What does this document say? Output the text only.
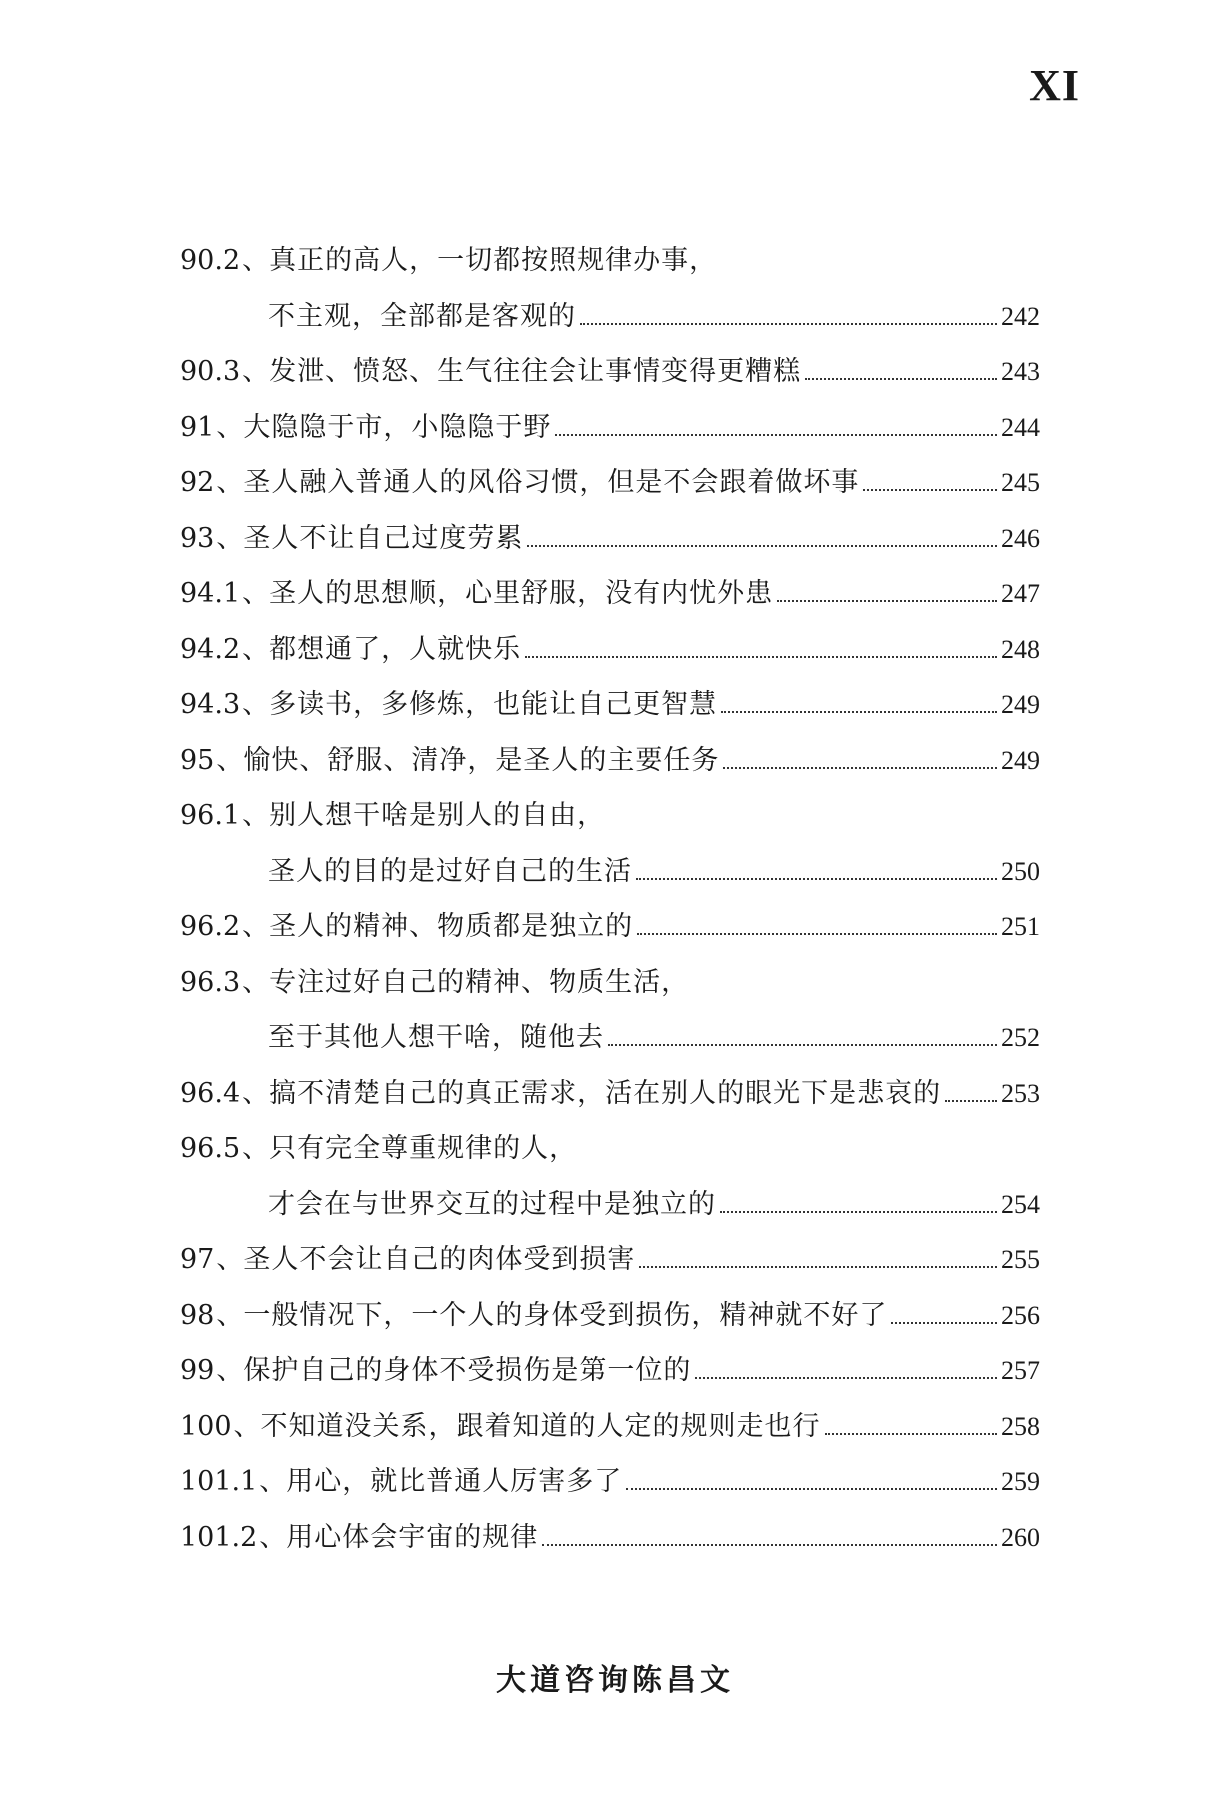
XI
90.2 、 真正的高人，一切都按照规律办事，
不主观，全部都是客观的	242
90.3 、 发泄、愤怒、生气往往会让事情变得更糟糕	243
91 、 大隐隐于市，小隐隐于野	244
92 、 圣人融入普通人的风俗习惯，但是不会跟着做坏事	245
93 、 圣人不让自己过度劳累	246
94.1 、 圣人的思想顺，心里舒服，没有内忧外患	247
94.2 、 都想通了，人就快乐	248
94.3 、 多读书，多修炼，也能让自己更智慧	249
95 、 愉快、舒服、清净，是圣人的主要任务	249
96.1 、 别人想干啥是别人的自由，
圣人的目的是过好自己的生活	250
96.2 、 圣人的精神、物质都是独立的	251
96.3 、 专注过好自己的精神、物质生活，
至于其他人想干啥，随他去	252
96.4 、 搞不清楚自己的真正需求，活在别人的眼光下是悲哀的 253
96.5 、 只有完全尊重规律的人，
才会在与世界交互的过程中是独立的	254
97 、 圣人不会让自己的肉体受到损害	255
98 、 一般情况下，一个人的身体受到损伤，精神就不好了	256
99 、 保护自己的身体不受损伤是第一位的	257
100 、 不知道没关系，跟着知道的人定的规则走也行	258
101.1 、 用心，就比普通人厉害多了	259
101.2 、 用心体会宇宙的规律	260
大道咨询陈昌文
